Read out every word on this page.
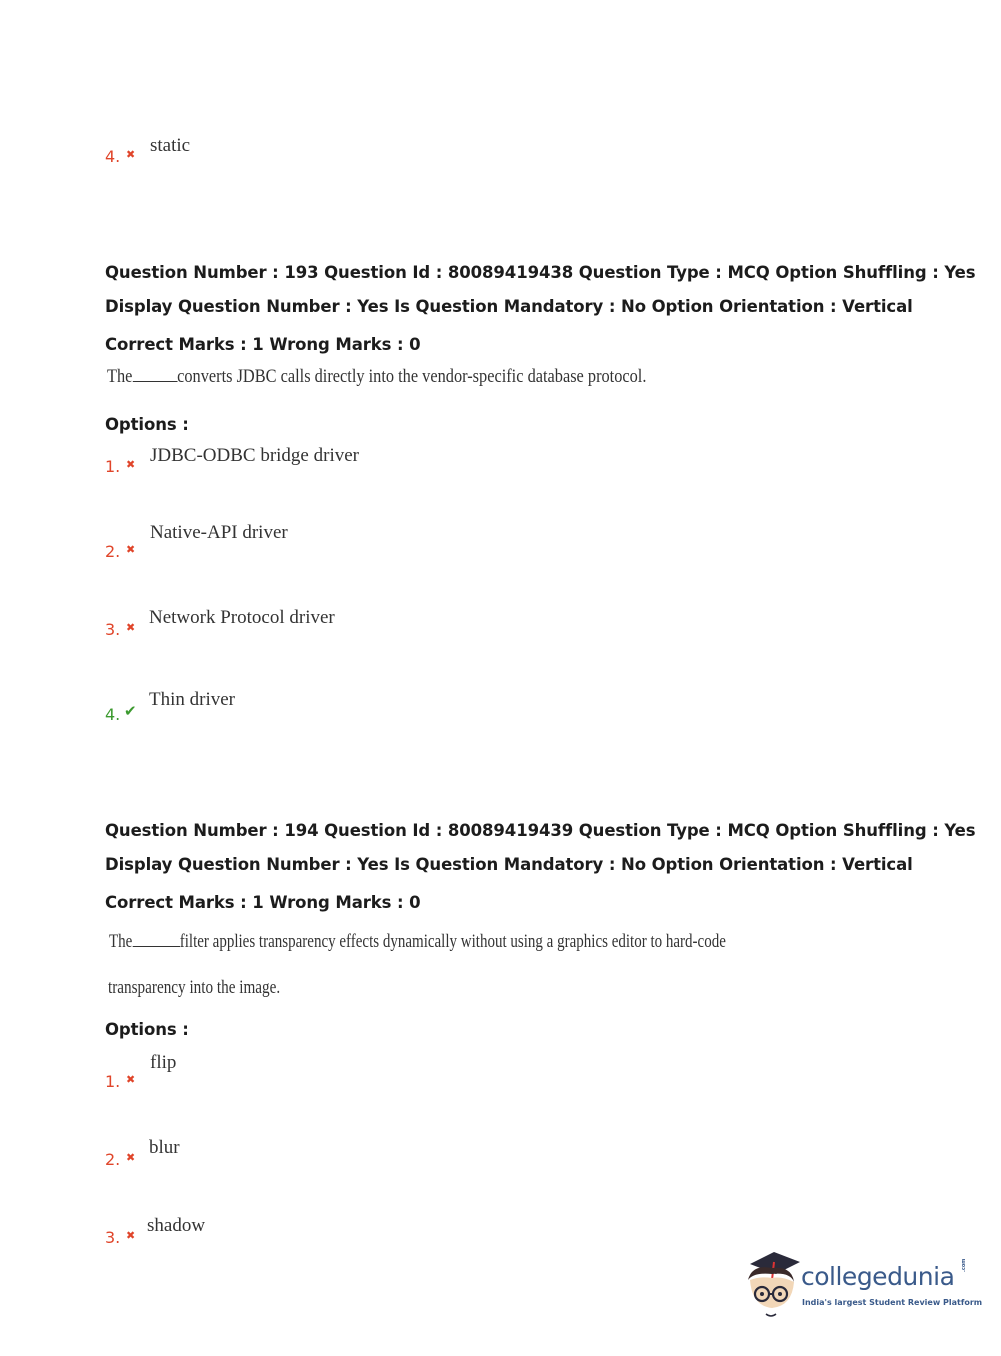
4. ✖ static
Question Number : 193 Question Id : 80089419438 Question Type : MCQ Option Shuffling : Yes
Display Question Number : Yes Is Question Mandatory : No Option Orientation : Vertical
Correct Marks : 1 Wrong Marks : 0
The converts JDBC calls directly into the vendor-specific database protocol.
Options :
1. ✖ JDBC-ODBC bridge driver
2. ✖
Native-API driver
3. ✖ Network Protocol driver
4. ✔
Thin driver
Question Number : 194 Question Id : 80089419439 Question Type : MCQ Option Shuffling : Yes
Display Question Number : Yes Is Question Mandatory : No Option Orientation : Vertical
Correct Marks : 1 Wrong Marks : 0
The filter applies transparency effects dynamically without using a graphics editor to hard-code
transparency into the image.
Options :
1. ✖
flip
2. ✖ blur
3. ✖ shadow
collegedunia .com
India's largest Student Review Platform
